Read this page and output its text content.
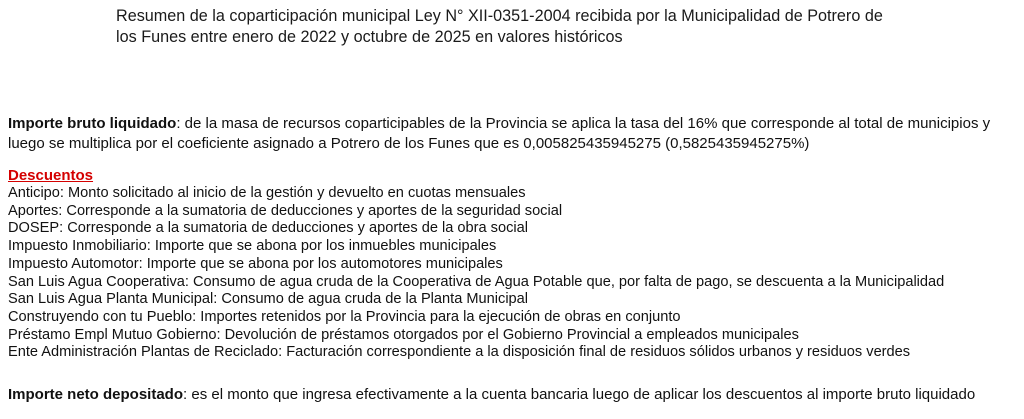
Resumen de la coparticipación municipal Ley N° XII-0351-2004 recibida por la Municipalidad de Potrero de
los Funes entre enero de 2022 y octubre de 2025 en valores históricos
Importe bruto liquidado: de la masa de recursos coparticipables de la Provincia se aplica la tasa del 16% que corresponde al total de municipios y
luego se multiplica por el coeficiente asignado a Potrero de los Funes que es 0,005825435945275 (0,5825435945275%)
Descuentos
Anticipo: Monto solicitado al inicio de la gestión y devuelto en cuotas mensuales
Aportes: Corresponde a la sumatoria de deducciones y aportes de la seguridad social
DOSEP: Corresponde a la sumatoria de deducciones y aportes de la obra social
Impuesto Inmobiliario: Importe que se abona por los inmuebles municipales
Impuesto Automotor: Importe que se abona por los automotores municipales
San Luis Agua Cooperativa: Consumo de agua cruda de la Cooperativa de Agua Potable que, por falta de pago, se descuenta a la Municipalidad
San Luis Agua Planta Municipal: Consumo de agua cruda de la Planta Municipal
Construyendo con tu Pueblo: Importes retenidos por la Provincia para la ejecución de obras en conjunto
Préstamo Empl Mutuo Gobierno: Devolución de préstamos otorgados por el Gobierno Provincial a empleados municipales
Ente Administración Plantas de Reciclado: Facturación correspondiente a la disposición final de residuos sólidos urbanos y residuos verdes
Importe neto depositado: es el monto que ingresa efectivamente a la cuenta bancaria luego de aplicar los descuentos al importe bruto liquidado
